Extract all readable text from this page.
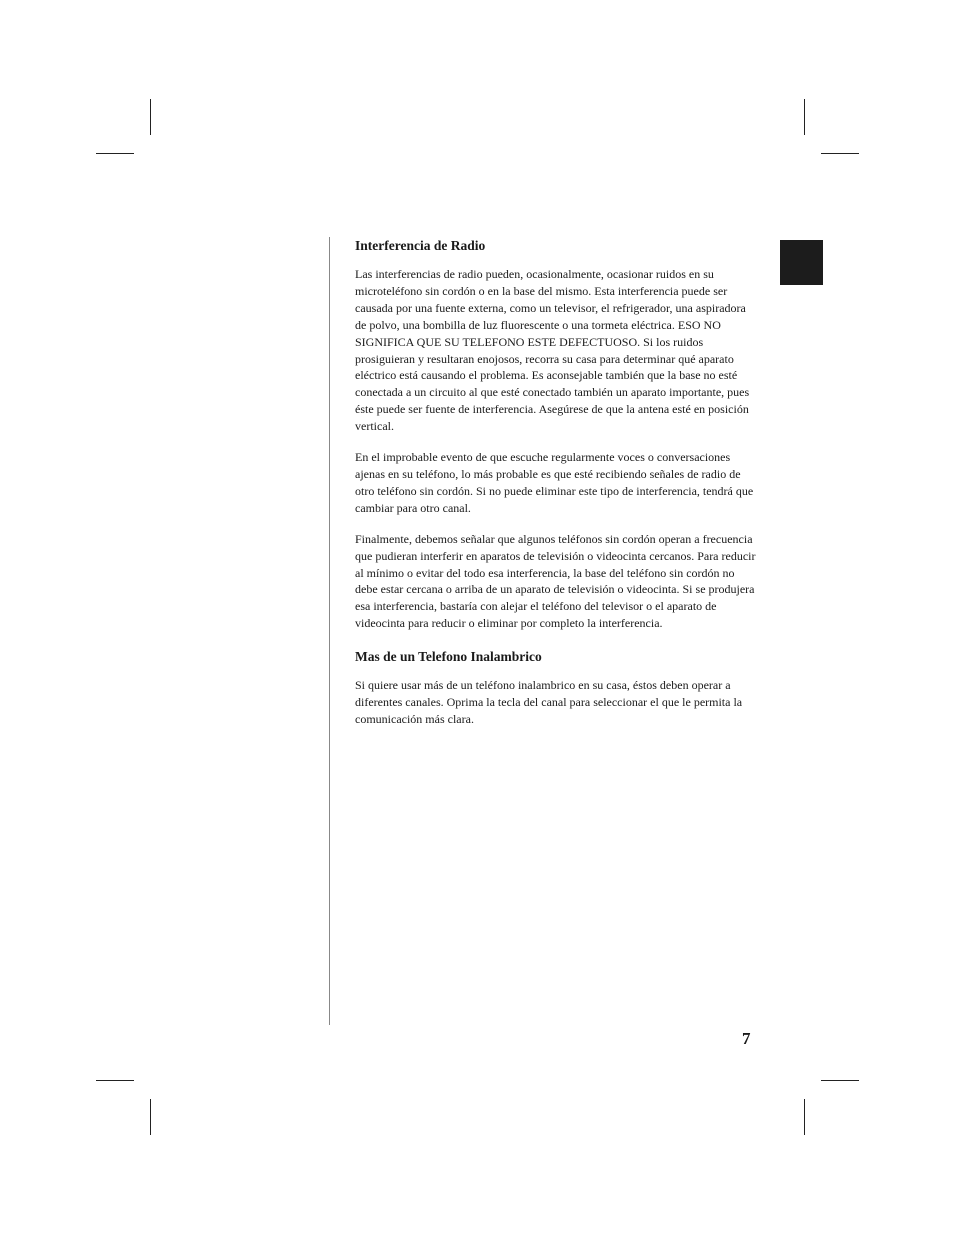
Interferencia de Radio

Las interferencias de radio pueden, ocasionalmente, ocasionar ruidos en su microteléfono sin cordón o en la base del mismo. Esta interferencia puede ser causada por una fuente externa, como un televisor, el refrigerador, una aspiradora de polvo, una bombilla de luz fluorescente o una tormeta eléctrica. ESO NO SIGNIFICA QUE SU TELEFONO ESTE DEFECTUOSO. Si los ruidos prosiguieran y resultaran enojosos, recorra su casa para determinar qué aparato eléctrico está causando el problema. Es aconsejable también que la base no esté conectada a un circuito al que esté conectado también un aparato importante, pues éste puede ser fuente de interferencia. Asegúrese de que la antena esté en posición vertical.

En el improbable evento de que escuche regularmente voces o conversaciones ajenas en su teléfono, lo más probable es que esté recibiendo señales de radio de otro teléfono sin cordón. Si no puede eliminar este tipo de interferencia, tendrá que cambiar para otro canal.

Finalmente, debemos señalar que algunos teléfonos sin cordón operan a frecuencia que pudieran interferir en aparatos de televisión o videocinta cercanos. Para reducir al mínimo o evitar del todo esa interferencia, la base del teléfono sin cordón no debe estar cercana o arriba de un aparato de televisión o videocinta. Si se produjera esa interferencia, bastaría con alejar el teléfono del televisor o el aparato de videocinta para reducir o eliminar por completo la interferencia.

Mas de un Telefono Inalambrico

Si quiere usar más de un teléfono inalambrico en su casa, éstos deben operar a diferentes canales. Oprima la tecla del canal para seleccionar el que le permita la comunicación más clara.

7
